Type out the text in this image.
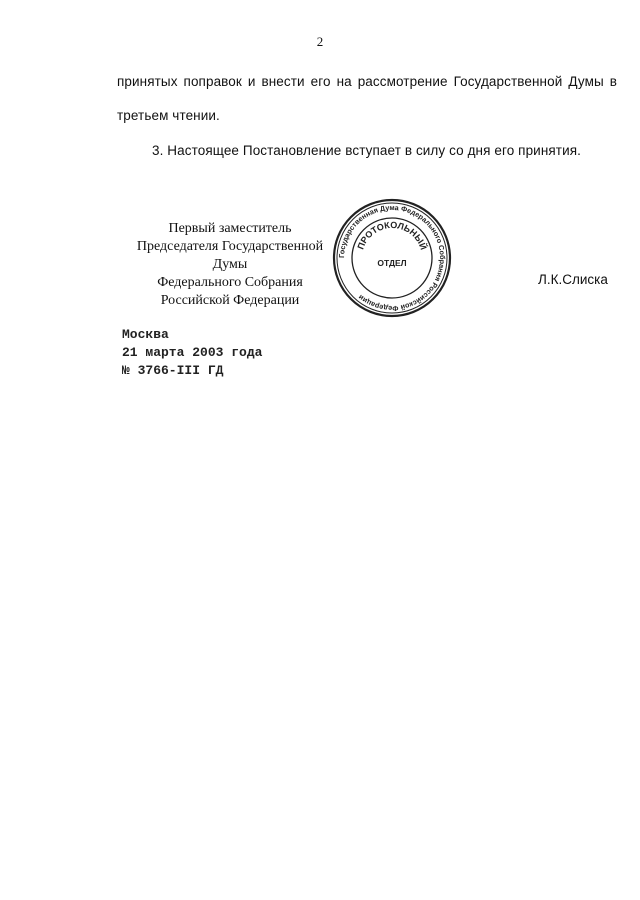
2
принятых поправок и внести его на рассмотрение Государственной Думы в
третьем чтении.
3. Настоящее Постановление вступает в силу со дня его принятия.
Первый заместитель
Председателя Государственной Думы
Федерального Собрания
Российской Федерации
Л.К.Слиска
Государственная Дума Федерального Собрания Российской Федерации
ПРОТОКОЛЬНЫЙ
ОТДЕЛ
Москва
21 марта 2003 года
№ 3766-III ГД
